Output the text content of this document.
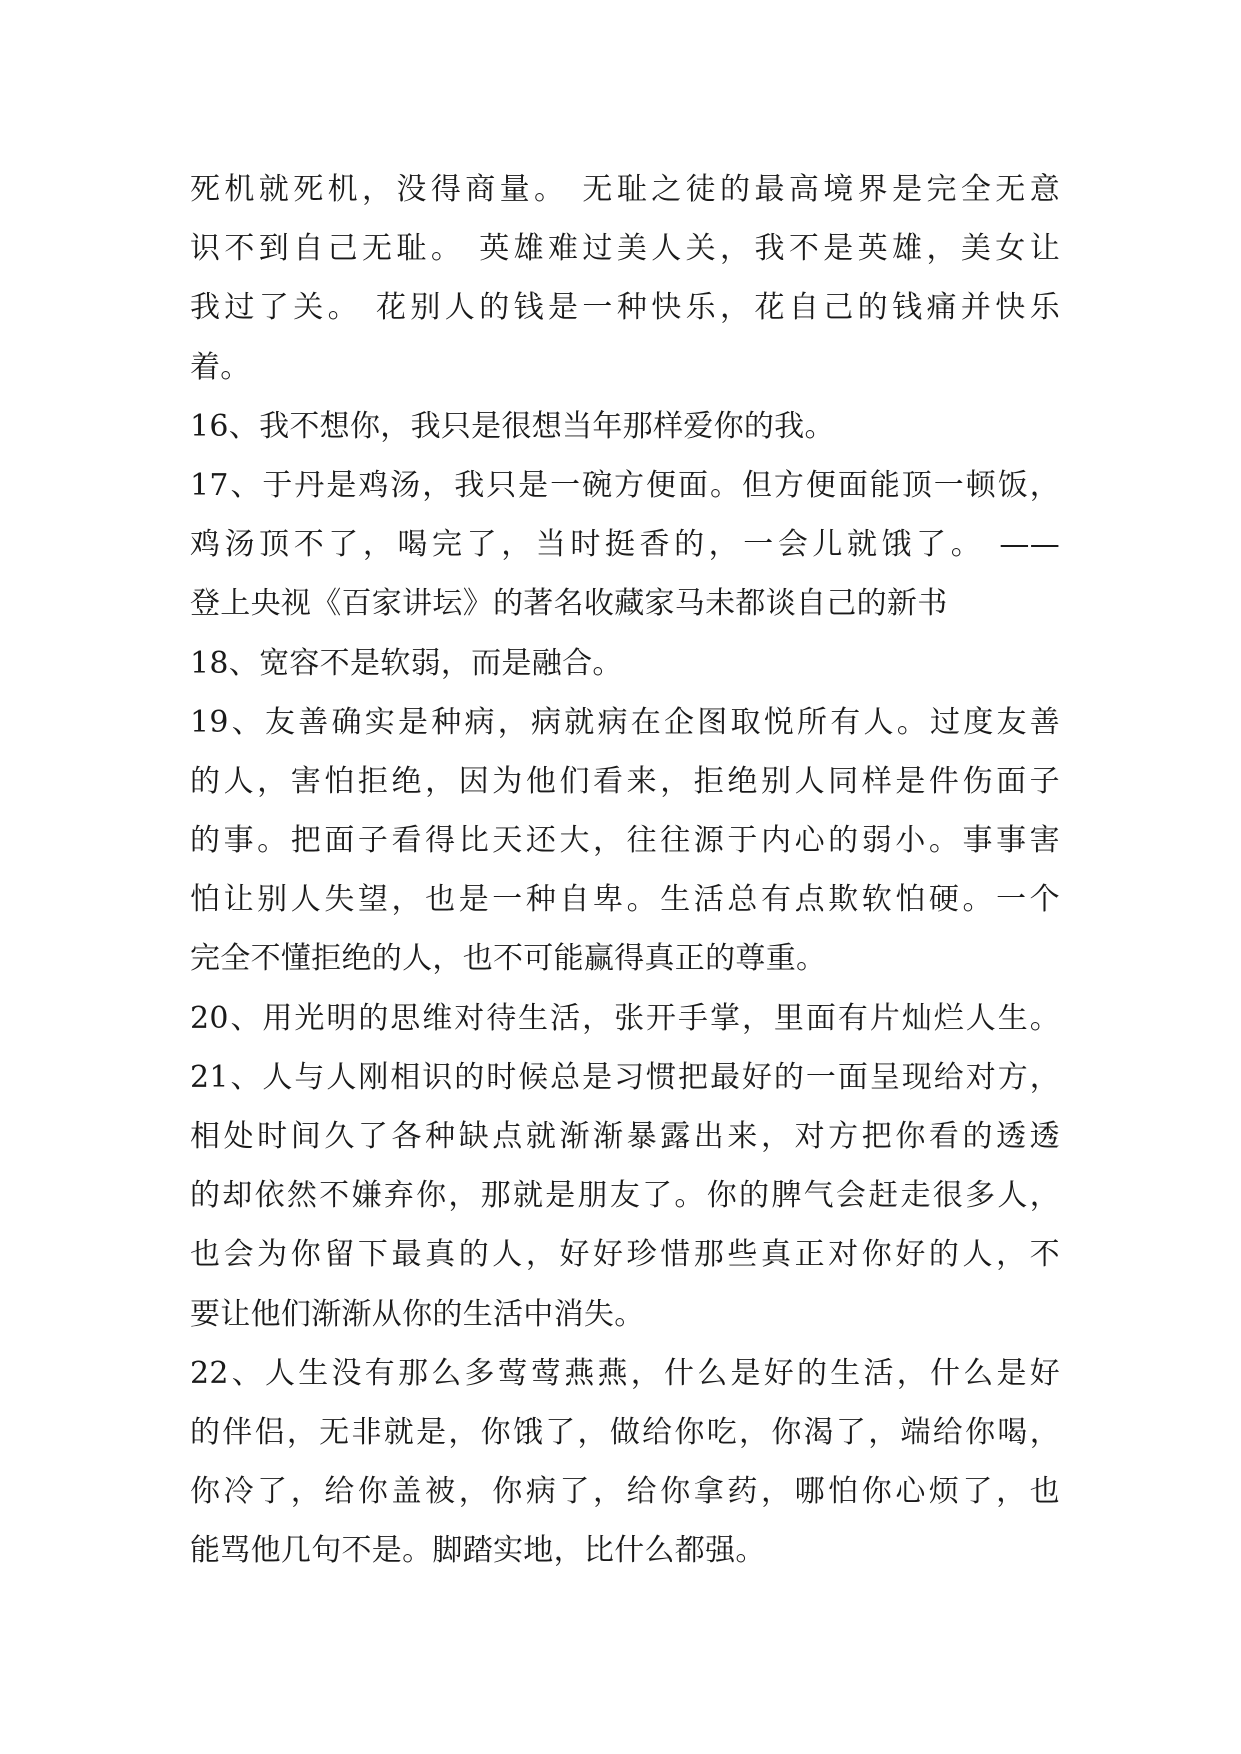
死机就死机，没得商量。 无耻之徒的最高境界是完全无意
识不到自己无耻。 英雄难过美人关，我不是英雄，美女让
我过了关。 花别人的钱是一种快乐，花自己的钱痛并快乐
着。
16、我不想你，我只是很想当年那样爱你的我。
17、于丹是鸡汤，我只是一碗方便面。但方便面能顶一顿饭，
鸡汤顶不了，喝完了，当时挺香的，一会儿就饿了。 ——
登上央视《百家讲坛》的著名收藏家马未都谈自己的新书
18、宽容不是软弱，而是融合。
19、友善确实是种病，病就病在企图取悦所有人。过度友善
的人，害怕拒绝，因为他们看来，拒绝别人同样是件伤面子
的事。把面子看得比天还大，往往源于内心的弱小。事事害
怕让别人失望，也是一种自卑。生活总有点欺软怕硬。一个
完全不懂拒绝的人，也不可能赢得真正的尊重。
20、用光明的思维对待生活，张开手掌，里面有片灿烂人生。
21、人与人刚相识的时候总是习惯把最好的一面呈现给对方，
相处时间久了各种缺点就渐渐暴露出来，对方把你看的透透
的却依然不嫌弃你，那就是朋友了。你的脾气会赶走很多人，
也会为你留下最真的人，好好珍惜那些真正对你好的人，不
要让他们渐渐从你的生活中消失。
22、人生没有那么多莺莺燕燕，什么是好的生活，什么是好
的伴侣，无非就是，你饿了，做给你吃，你渴了，端给你喝，
你冷了，给你盖被，你病了，给你拿药，哪怕你心烦了，也
能骂他几句不是。脚踏实地，比什么都强。
